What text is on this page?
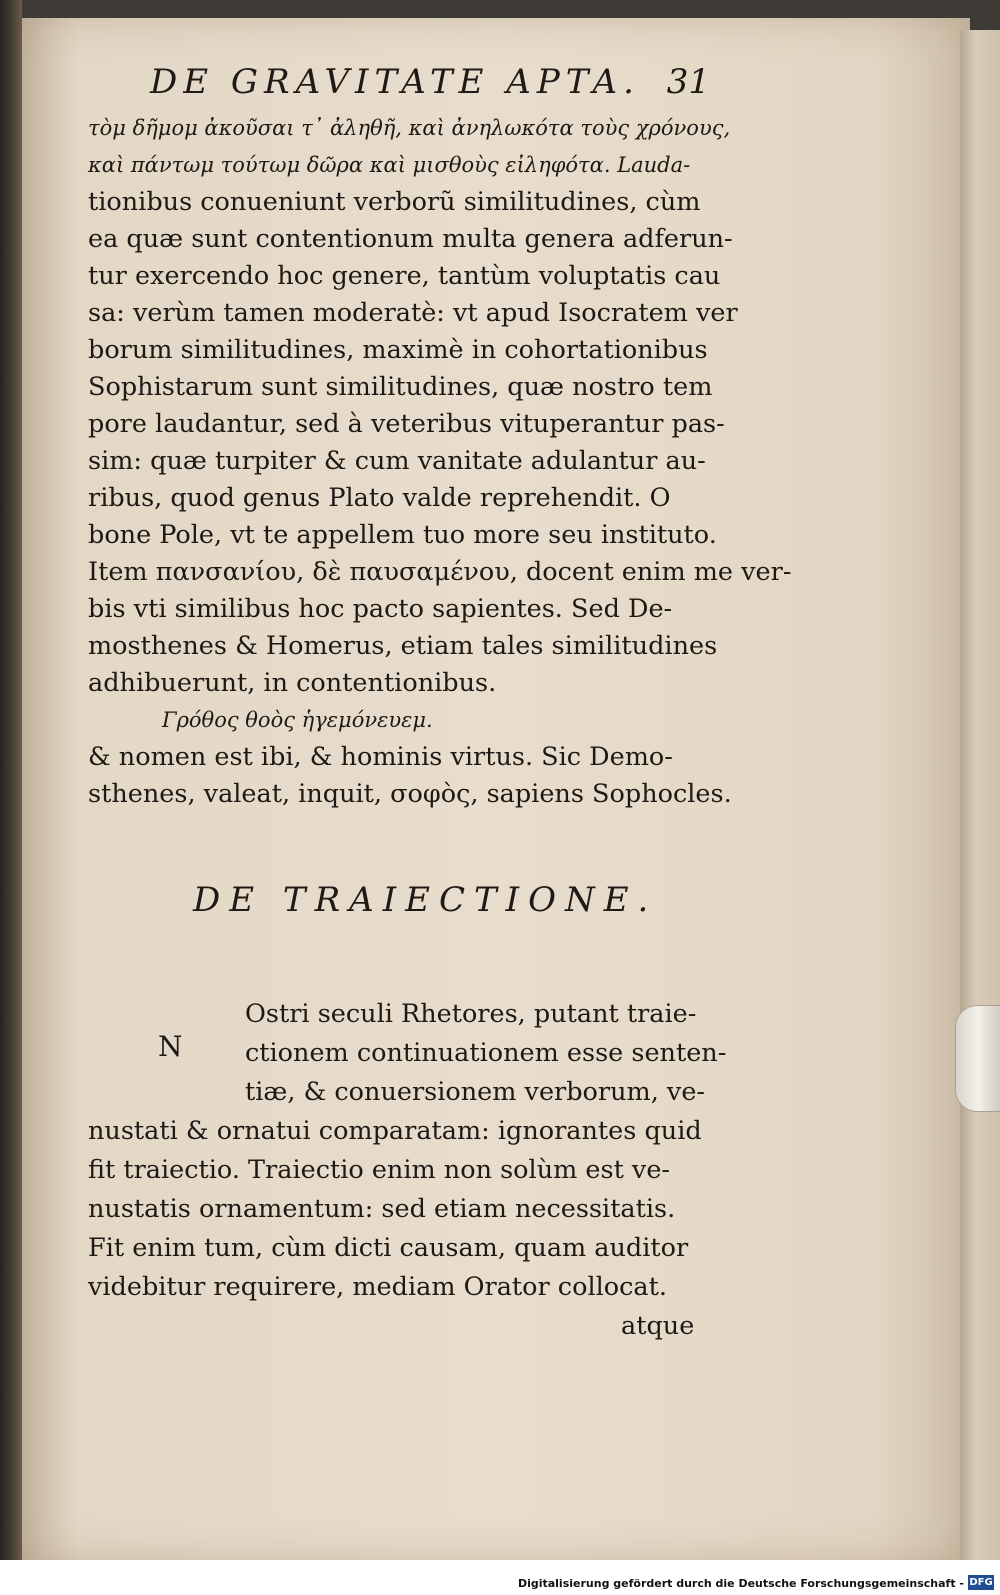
DE GRAVITATE APTA. 31
τὸμ δῆμομ ἀκοῦσαι τ᾽ ἀληθῆ, καὶ ἀνηλωκότα τοὺς χρόνους,
καὶ πάντωμ τούτωμ δῶρα καὶ μισθοὺς εἰληφότα. Lauda-
tionibus conueniunt verborũ similitudines, cùm
ea quæ sunt contentionum multa genera adferun-
tur exercendo hoc genere, tantùm voluptatis cau
sa: verùm tamen moderatè: vt apud Isocratem ver
borum similitudines, maximè in cohortationibus
Sophistarum sunt similitudines, quæ nostro tem
pore laudantur, sed à veteribus vituperantur pas-
sim: quæ turpiter & cum vanitate adulantur au-
ribus, quod genus Plato valde reprehendit. O
bone Pole, vt te appellem tuo more seu instituto.
Item πανσανίου, δὲ παυσαμένου, docent enim me ver-
bis vti similibus hoc pacto sapientes. Sed De-
mosthenes & Homerus, etiam tales similitudines
adhibuerunt, in contentionibus.
Γρόθο⁠ς θοὸς ἡγεμόνευεμ.
& nomen est ibi, & hominis virtus. Sic Demo-
sthenes, valeat, inquit, σοφὸς, sapiens Sophocles.
DE TRAIECTIONE.
N
Ostri seculi Rhetores, putant traie-
ctionem continuationem esse senten-
tiæ, & conuersionem verborum, ve-
nustati & ornatui comparatam: ignorantes quid
fit traiectio. Traiectio enim non solùm est ve-
nustatis ornamentum: sed etiam necessitatis.
Fit enim tum, cùm dicti causam, quam auditor
videbitur requirere, mediam Orator collocat.
atque
Digitalisierung gefördert durch die Deutsche Forschungsgemeinschaft - DFG
